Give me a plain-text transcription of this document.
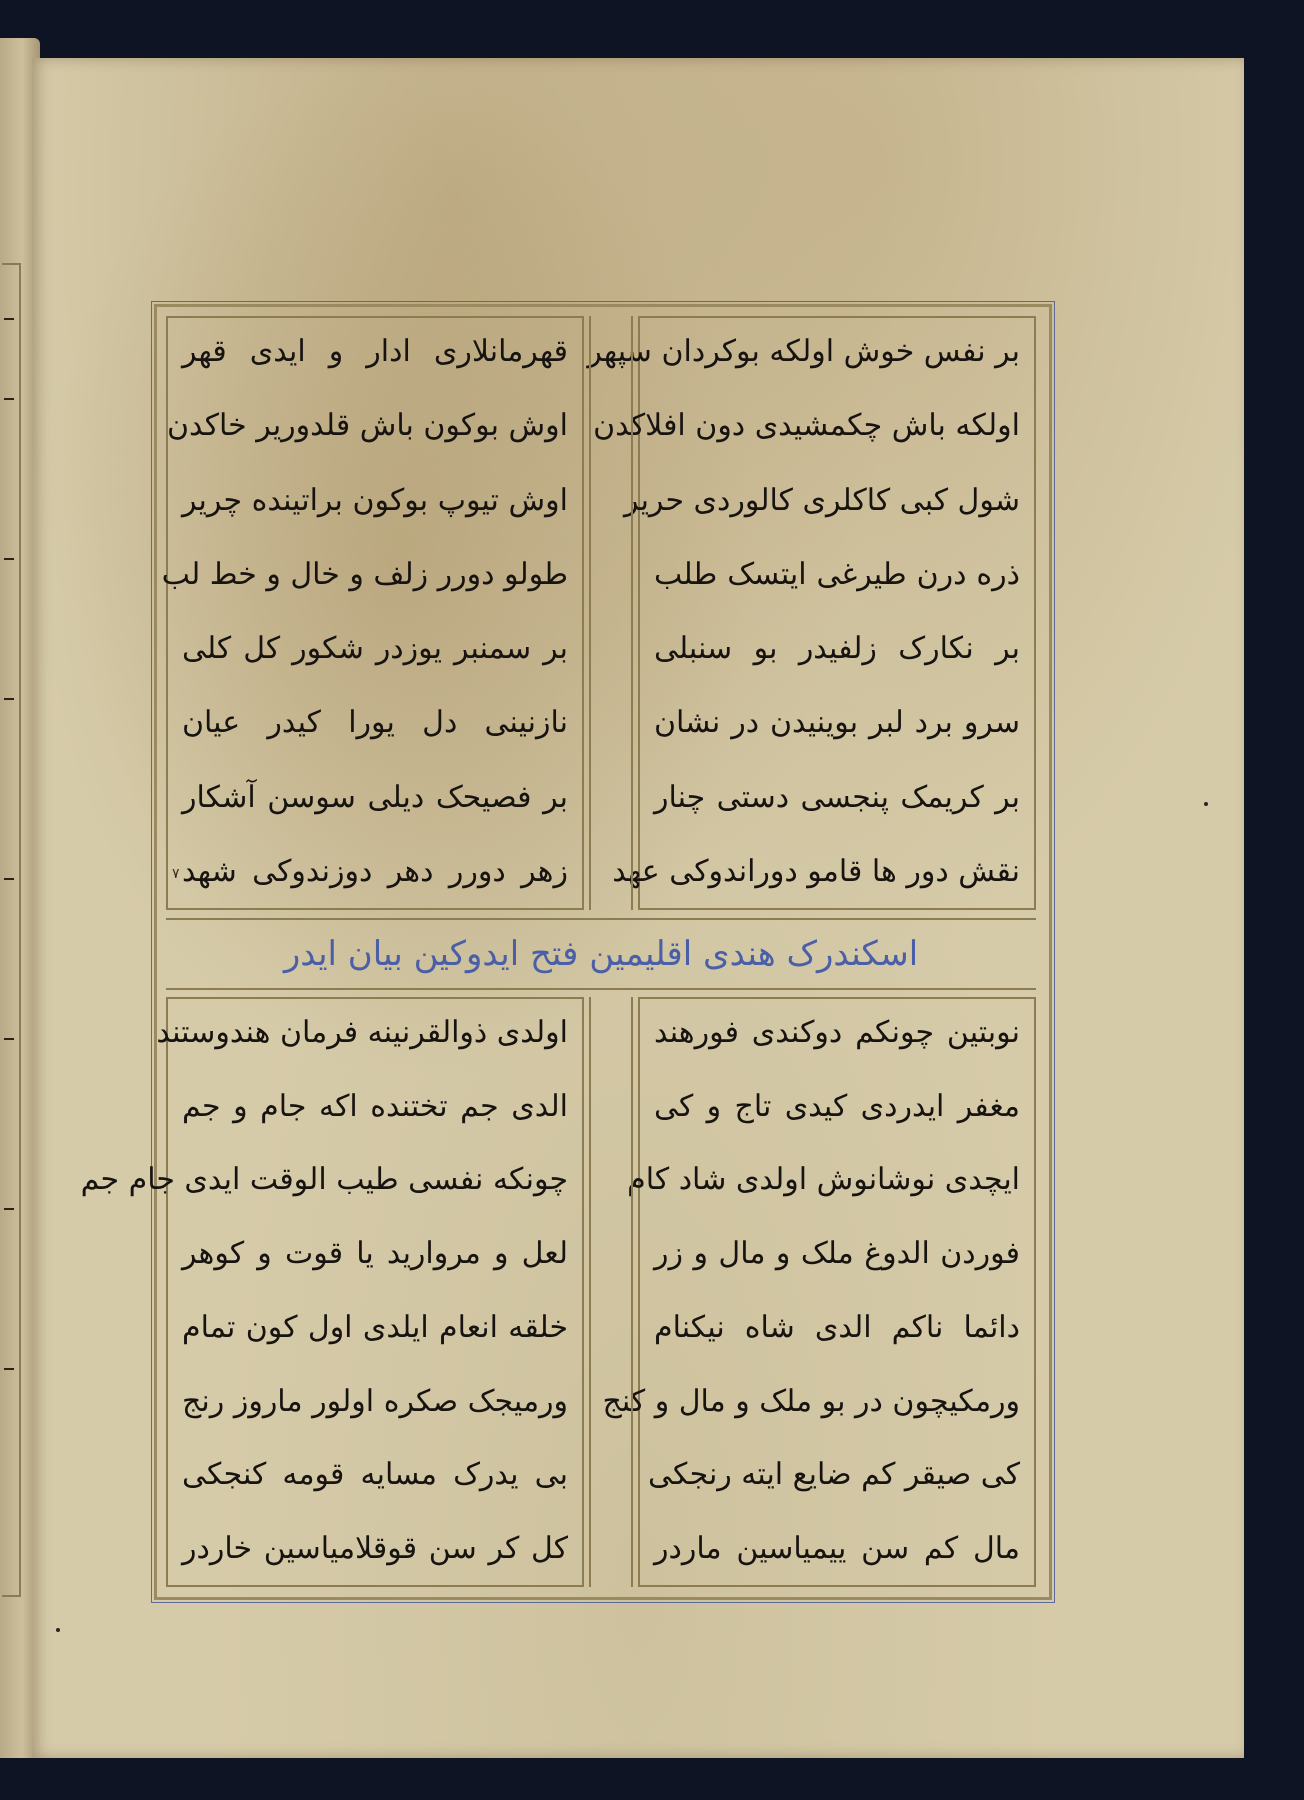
بر نفس خوش اولکه بوکردان سپهر
اولکه باش چکمشیدی دون افلاکدن
شول کبی کاکلری کالوردی حریر
ذره درن طیرغی ایتسک طلب
بر نکارک زلفیدر بو سنبلی
سرو برد لبر بوینیدن در نشان
بر کریمک پنجسی دستی چنار
نقش دور ها قامو دوراندوکی عهد
قهرمانلاری ادار و ایدی قهر
اوش بوکون باش قلدوریر خاکدن
اوش تیوپ بوکون براتینده چریر
طولو دورر زلف و خال و خط لب
بر سمنبر یوزدر شکور کل کلی
نازنینی دل یورا کیدر عیان
بر فصیحک دیلی سوسن آشکار
زهر دورر دهر دوزندوکی شهد
٧
اسکندرک هندی اقلیمین فتح ایدوکین بیان ایدر
نوبتین چونکم دوکندی فورهند
مغفر ایدردی کیدی تاج و کی
ایچدی نوشانوش اولدی شاد کام
فوردن الدوغ ملک و مال و زر
دائما ناکم الدی شاه نیکنام
ورمکیچون در بو ملک و مال و کنج
کی صیقر کم ضایع ایته رنجکی
مال کم سن ییمیاسین ماردر
اولدی ذوالقرنینه فرمان هندوستند
الدی جم تختنده اکه جام و جم
چونکه نفسی طیب الوقت ایدی جام جم
لعل و مروارید یا قوت و کوهر
خلقه انعام ایلدی اول کون تمام
ورمیجک صکره اولور ماروز رنج
بی یدرک مسایه قومه کنجکی
کل کر سن قوقلامیاسین خاردر
